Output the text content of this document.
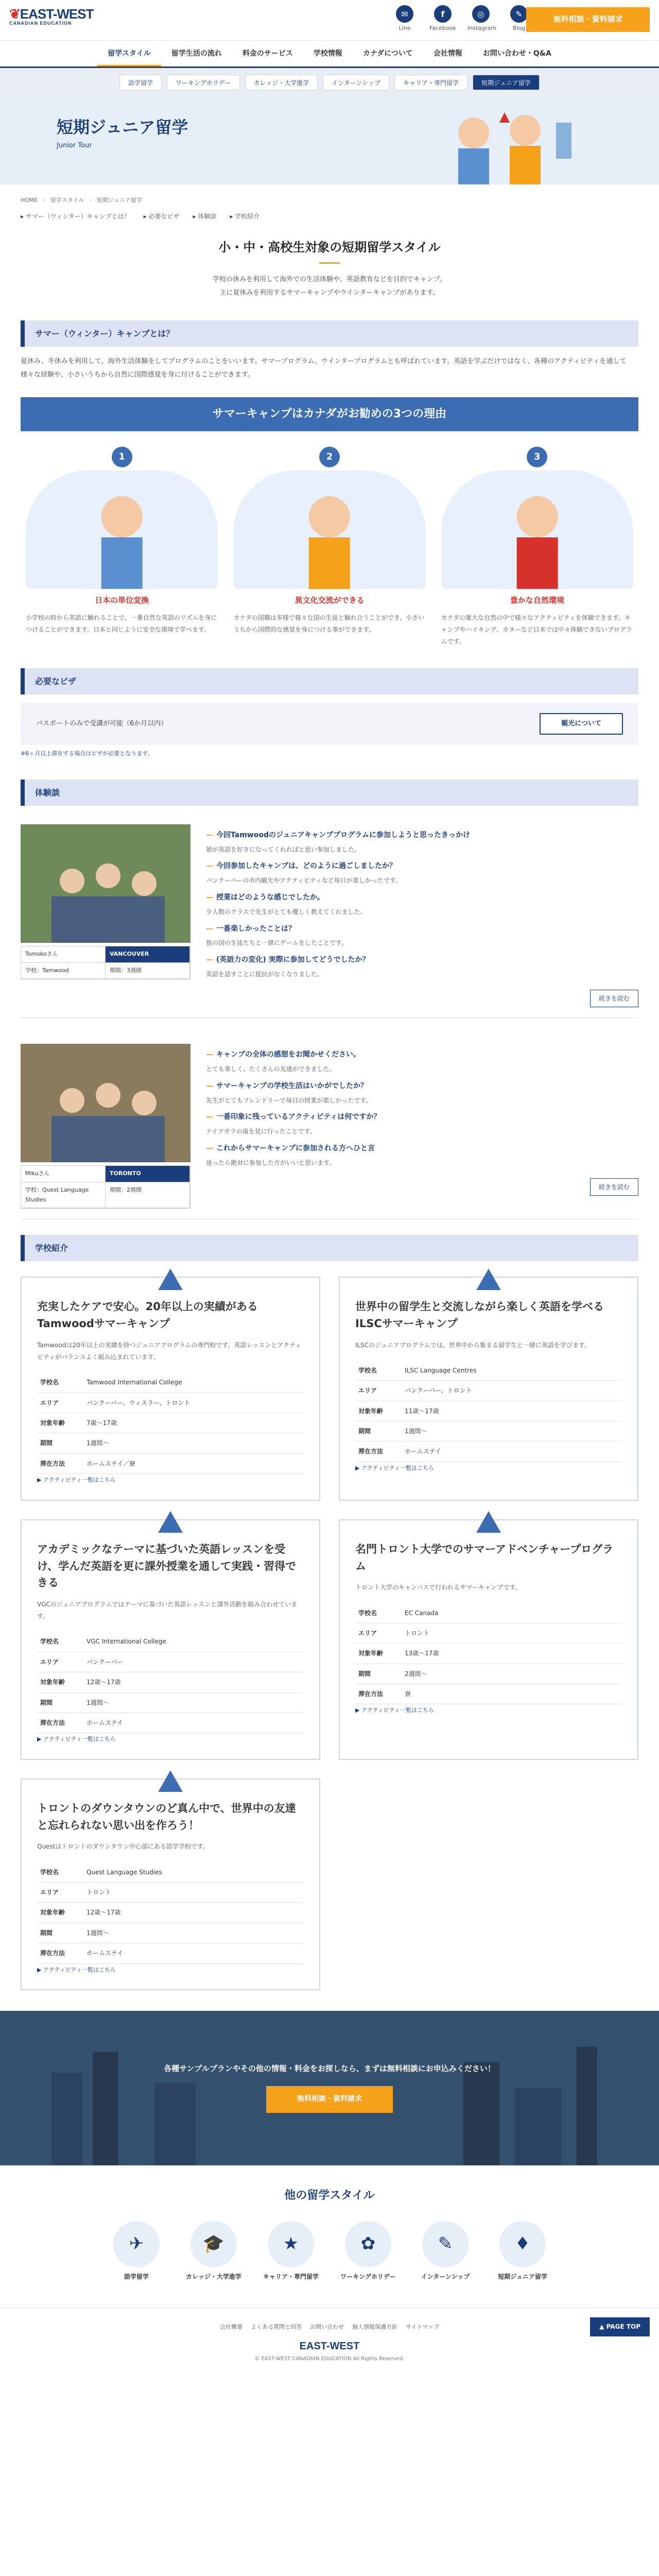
❦EAST-WEST
CANADIAN EDUCATION
✉
Line
f
Facebook
◎
Instagram
✎
Blog
無料相談・資料請求
留学スタイル	留学生活の流れ	料金のサービス	学校情報	カナダについて	会社情報	お問い合わせ・Q&A
語学留学	ワーキングホリデー	カレッジ・大学進学	インターンシップ	キャリア・専門留学	短期ジュニア留学
短期ジュニア留学
Junior Tour
HOME › 留学スタイル › 短期ジュニア留学
▸ サマー（ウィンター）キャンプとは？	▸ 必要なビザ	▸ 体験談	▸ 学校紹介
小・中・高校生対象の短期留学スタイル
学校の休みを利用して海外での生活体験や、英語教育などを目的でキャンプ。
主に夏休みを利用するサマーキャンプやウインターキャンプがあります。
サマー（ウィンター）キャンプとは？

夏休み、冬休みを利用して、海外生活体験をしてプログラムのことをいいます。サマープログラム、ウインタープログラムとも呼ばれています。英語を学ぶだけではなく、各種のアクティビティを通して様々な経験や、小さいうちから自然に国際感覚を身に付けることができます。

サマーキャンプはカナダがお勧めの3つの理由
1
日本の単位変換
小学校の時から英語に触れることで、一番自然な英語のリズムを身につけることができます。日本と同じように安全な環境で学べます。
2
異文化交流ができる
カナダの国籍は多様で様々な国の生徒と触れ合うことができ、小さいうちから国際的な感覚を身につける事ができます。
3
豊かな自然環境
カナダの雄大な自然の中で様々なアクティビティを体験できます。キャンプやハイキング、カヌーなど日本では中々体験できないプログラムです。
必要なビザ
パスポートのみで受講が可能（6か月以内）	観光について
※6ヶ月以上滞在する場合はビザが必要となります。
体験談
Tomokoさん	VANCOUVER
学校：Tamwood	期間：3週間
— 今回Tamwoodのジュニアキャンププログラムに参加しようと思ったきっかけ
娘が英語を好きになってくれればと思い参加しました。
— 今回参加したキャンプは、どのように過ごしましたか？
バンクーバーの市内観光やアクティビティなど毎日が楽しかったです。
— 授業はどのような感じでしたか。
少人数のクラスで先生がとても優しく教えてくれました。
— 一番楽しかったことは？
他の国の生徒たちと一緒にゲームをしたことです。
— (英語力の変化) 実際に参加してどうでしたか？
英語を話すことに抵抗がなくなりました。
続きを読む
Mikuさん	TORONTO
学校：Quest Language Studies
期間：2週間
— キャンプの全体の感想をお聞かせください。
とても楽しく、たくさんの友達ができました。
— サマーキャンプの学校生活はいかがでしたか？
先生がとてもフレンドリーで毎日の授業が楽しかったです。
— 一番印象に残っているアクティビティは何ですか？
ナイアガラの滝を見に行ったことです。
— これからサマーキャンプに参加される方へひと言
迷ったら絶対に参加した方がいいと思います。
続きを読む
学校紹介
充実したケアで安心。20年以上の実績がある Tamwoodサマーキャンプ

Tamwoodは20年以上の実績を持つジュニアプログラムの専門校です。英語レッスンとアクティビティがバランスよく組み込まれています。

学校名	Tamwood International College
エリア	バンクーバー、ウィスラー、トロント
対象年齢	7歳～17歳
期間	1週間～
滞在方法	ホームステイ／寮
▶ アクティビティ一覧はこちら
世界中の留学生と交流しながら楽しく英語を学べるILSCサマーキャンプ

ILSCのジュニアプログラムでは、世界中から集まる留学生と一緒に英語を学びます。

学校名	ILSC Language Centres
エリア	バンクーバー、トロント
対象年齢	11歳～17歳
期間	1週間～
滞在方法	ホームステイ
▶ アクティビティ一覧はこちら
アカデミックなテーマに基づいた英語レッスンを受け、学んだ英語を更に課外授業を通して実践・習得できる

VGCのジュニアプログラムではテーマに基づいた英語レッスンと課外活動を組み合わせています。

学校名	VGC International College
エリア	バンクーバー
対象年齢	12歳～17歳
期間	1週間～
滞在方法	ホームステイ
▶ アクティビティ一覧はこちら
名門トロント大学でのサマーアドベンチャープログラム

トロント大学のキャンパスで行われるサマーキャンプです。

学校名	EC Canada
エリア	トロント
対象年齢	13歳～17歳
期間	2週間～
滞在方法	寮
▶ アクティビティ一覧はこちら
トロントのダウンタウンのど真ん中で、世界中の友達と忘れられない思い出を作ろう！

Questはトロントのダウンタウン中心部にある語学学校です。

学校名	Quest Language Studies
エリア	トロント
対象年齢	12歳～17歳
期間	1週間～
滞在方法	ホームステイ
▶ アクティビティ一覧はこちら
各種サンプルプランやその他の情報・料金をお探しなら、まずは無料相談にお申込みください！
無料相談・資料請求
他の留学スタイル
✈
語学留学
🎓
カレッジ・大学進学
★
キャリア・専門留学
✿
ワーキングホリデー
✎
インターンシップ
♦
短期ジュニア留学
会社概要 よくある質問と回答 お問い合わせ 個人情報保護方針 サイトマップ
EAST-WEST
© EAST-WEST CANADIAN EDUCATION All Rights Reserved.
▲ PAGE TOP
